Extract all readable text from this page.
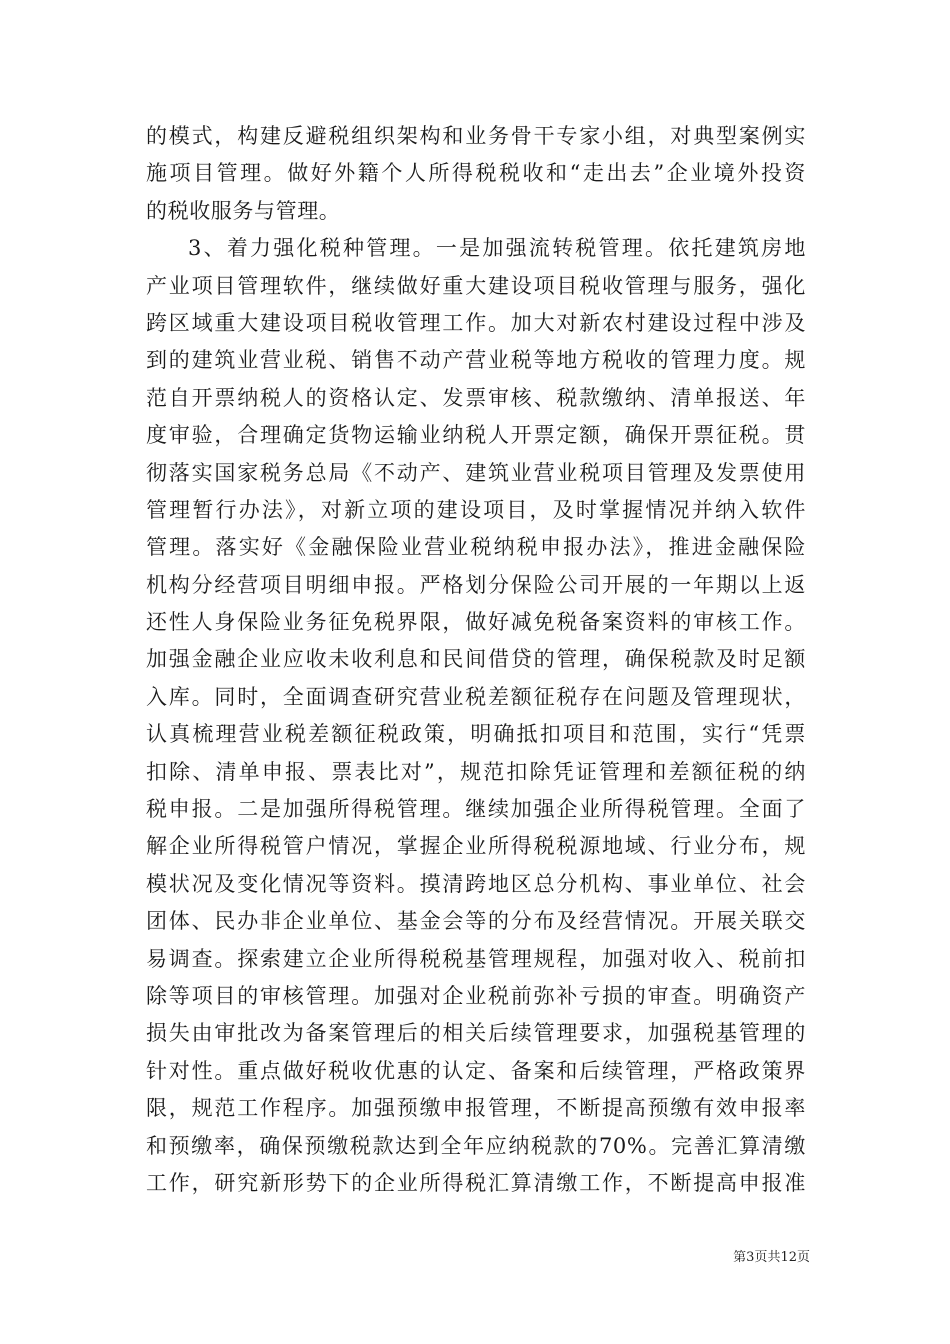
的模式，构建反避税组织架构和业务骨干专家小组，对典型案例实
施项目管理。做好外籍个人所得税税收和“走出去”企业境外投资
的税收服务与管理。
3、着力强化税种管理。一是加强流转税管理。依托建筑房地
产业项目管理软件，继续做好重大建设项目税收管理与服务，强化
跨区域重大建设项目税收管理工作。加大对新农村建设过程中涉及
到的建筑业营业税、销售不动产营业税等地方税收的管理力度。规
范自开票纳税人的资格认定、发票审核、税款缴纳、清单报送、年
度审验，合理确定货物运输业纳税人开票定额，确保开票征税。贯
彻落实国家税务总局《不动产、建筑业营业税项目管理及发票使用
管理暂行办法》，对新立项的建设项目，及时掌握情况并纳入软件
管理。落实好《金融保险业营业税纳税申报办法》，推进金融保险
机构分经营项目明细申报。严格划分保险公司开展的一年期以上返
还性人身保险业务征免税界限，做好减免税备案资料的审核工作。
加强金融企业应收未收利息和民间借贷的管理，确保税款及时足额
入库。同时，全面调查研究营业税差额征税存在问题及管理现状，
认真梳理营业税差额征税政策，明确抵扣项目和范围，实行“凭票
扣除、清单申报、票表比对”，规范扣除凭证管理和差额征税的纳
税申报。二是加强所得税管理。继续加强企业所得税管理。全面了
解企业所得税管户情况，掌握企业所得税税源地域、行业分布，规
模状况及变化情况等资料。摸清跨地区总分机构、事业单位、社会
团体、民办非企业单位、基金会等的分布及经营情况。开展关联交
易调查。探索建立企业所得税税基管理规程，加强对收入、税前扣
除等项目的审核管理。加强对企业税前弥补亏损的审查。明确资产
损失由审批改为备案管理后的相关后续管理要求，加强税基管理的
针对性。重点做好税收优惠的认定、备案和后续管理，严格政策界
限，规范工作程序。加强预缴申报管理，不断提高预缴有效申报率
和预缴率，确保预缴税款达到全年应纳税款的70%。完善汇算清缴
工作，研究新形势下的企业所得税汇算清缴工作，不断提高申报准
第3页共12页
